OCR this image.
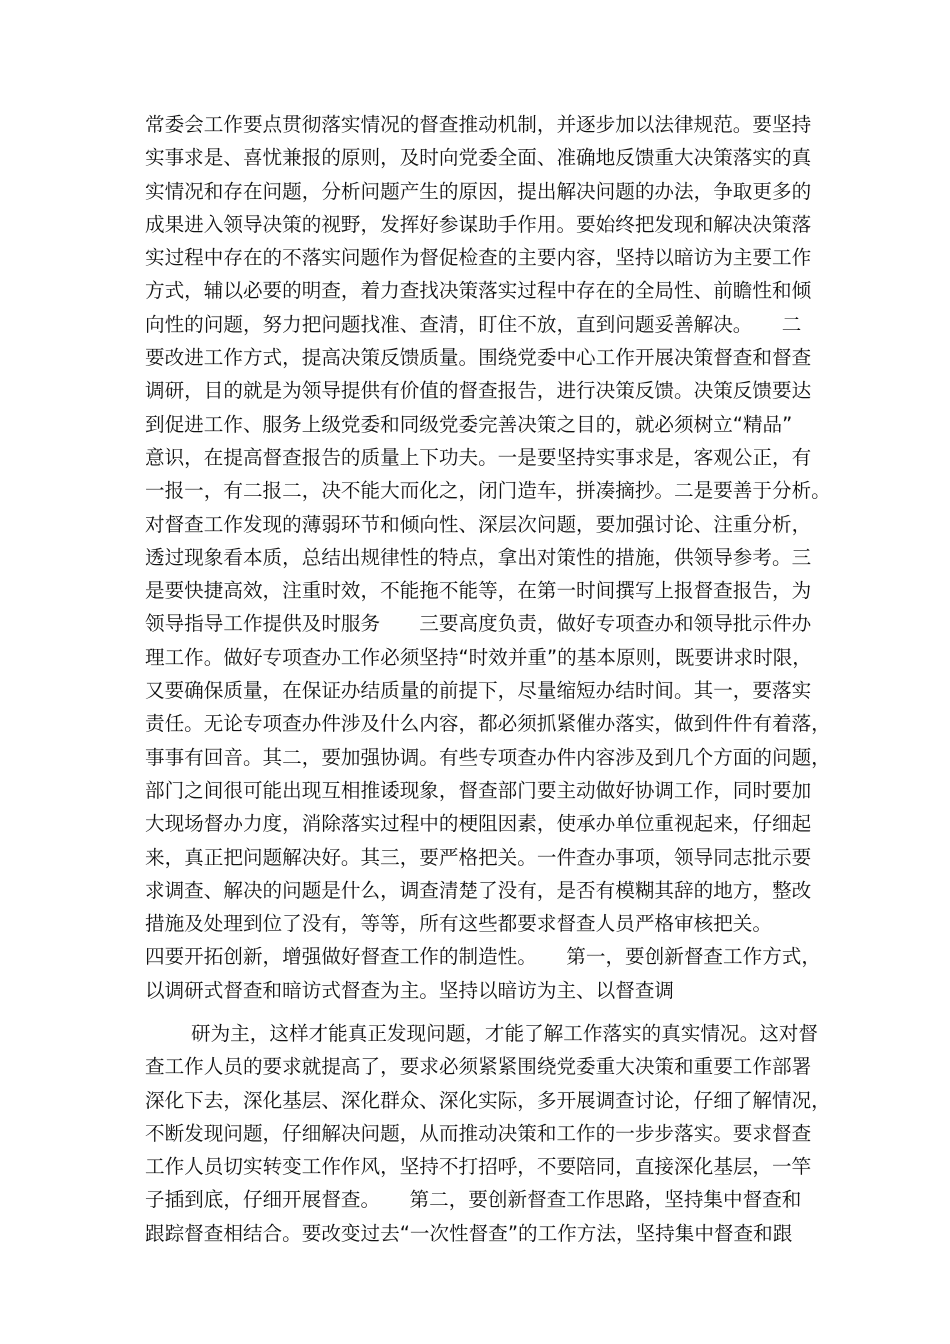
常委会工作要点贯彻落实情况的督查推动机制，并逐步加以法律规范。要坚持
实事求是、喜忧兼报的原则，及时向党委全面、准确地反馈重大决策落实的真
实情况和存在问题，分析问题产生的原因，提出解决问题的办法，争取更多的
成果进入领导决策的视野，发挥好参谋助手作用。要始终把发现和解决决策落
实过程中存在的不落实问题作为督促检查的主要内容，坚持以暗访为主要工作
方式，辅以必要的明查，着力查找决策落实过程中存在的全局性、前瞻性和倾
向性的问题，努力把问题找准、查清，盯住不放，直到问题妥善解决。　　二
要改进工作方式，提高决策反馈质量。围绕党委中心工作开展决策督查和督查
调研，目的就是为领导提供有价值的督查报告，进行决策反馈。决策反馈要达
到促进工作、服务上级党委和同级党委完善决策之目的，就必须树立“精品”
意识，在提高督查报告的质量上下功夫。一是要坚持实事求是，客观公正，有
一报一，有二报二，决不能大而化之，闭门造车，拼凑摘抄。二是要善于分析。
对督查工作发现的薄弱环节和倾向性、深层次问题，要加强讨论、注重分析，
透过现象看本质，总结出规律性的特点，拿出对策性的措施，供领导参考。三
是要快捷高效，注重时效，不能拖不能等，在第一时间撰写上报督查报告，为
领导指导工作提供及时服务　　三要高度负责，做好专项查办和领导批示件办
理工作。做好专项查办工作必须坚持“时效并重”的基本原则，既要讲求时限，
又要确保质量，在保证办结质量的前提下，尽量缩短办结时间。其一，要落实
责任。无论专项查办件涉及什么内容，都必须抓紧催办落实，做到件件有着落，
事事有回音。其二，要加强协调。有些专项查办件内容涉及到几个方面的问题，
部门之间很可能出现互相推诿现象，督查部门要主动做好协调工作，同时要加
大现场督办力度，消除落实过程中的梗阻因素，使承办单位重视起来，仔细起
来，真正把问题解决好。其三，要严格把关。一件查办事项，领导同志批示要
求调查、解决的问题是什么，调查清楚了没有，是否有模糊其辞的地方，整改
措施及处理到位了没有，等等，所有这些都要求督查人员严格审核把关。
四要开拓创新，增强做好督查工作的制造性。　　第一，要创新督查工作方式，
以调研式督查和暗访式督查为主。坚持以暗访为主、以督查调
研为主，这样才能真正发现问题，才能了解工作落实的真实情况。这对督
查工作人员的要求就提高了，要求必须紧紧围绕党委重大决策和重要工作部署
深化下去，深化基层、深化群众、深化实际，多开展调查讨论，仔细了解情况，
不断发现问题，仔细解决问题，从而推动决策和工作的一步步落实。要求督查
工作人员切实转变工作作风，坚持不打招呼，不要陪同，直接深化基层，一竿
子插到底，仔细开展督查。　　第二，要创新督查工作思路，坚持集中督查和
跟踪督查相结合。要改变过去“一次性督查”的工作方法，坚持集中督查和跟
